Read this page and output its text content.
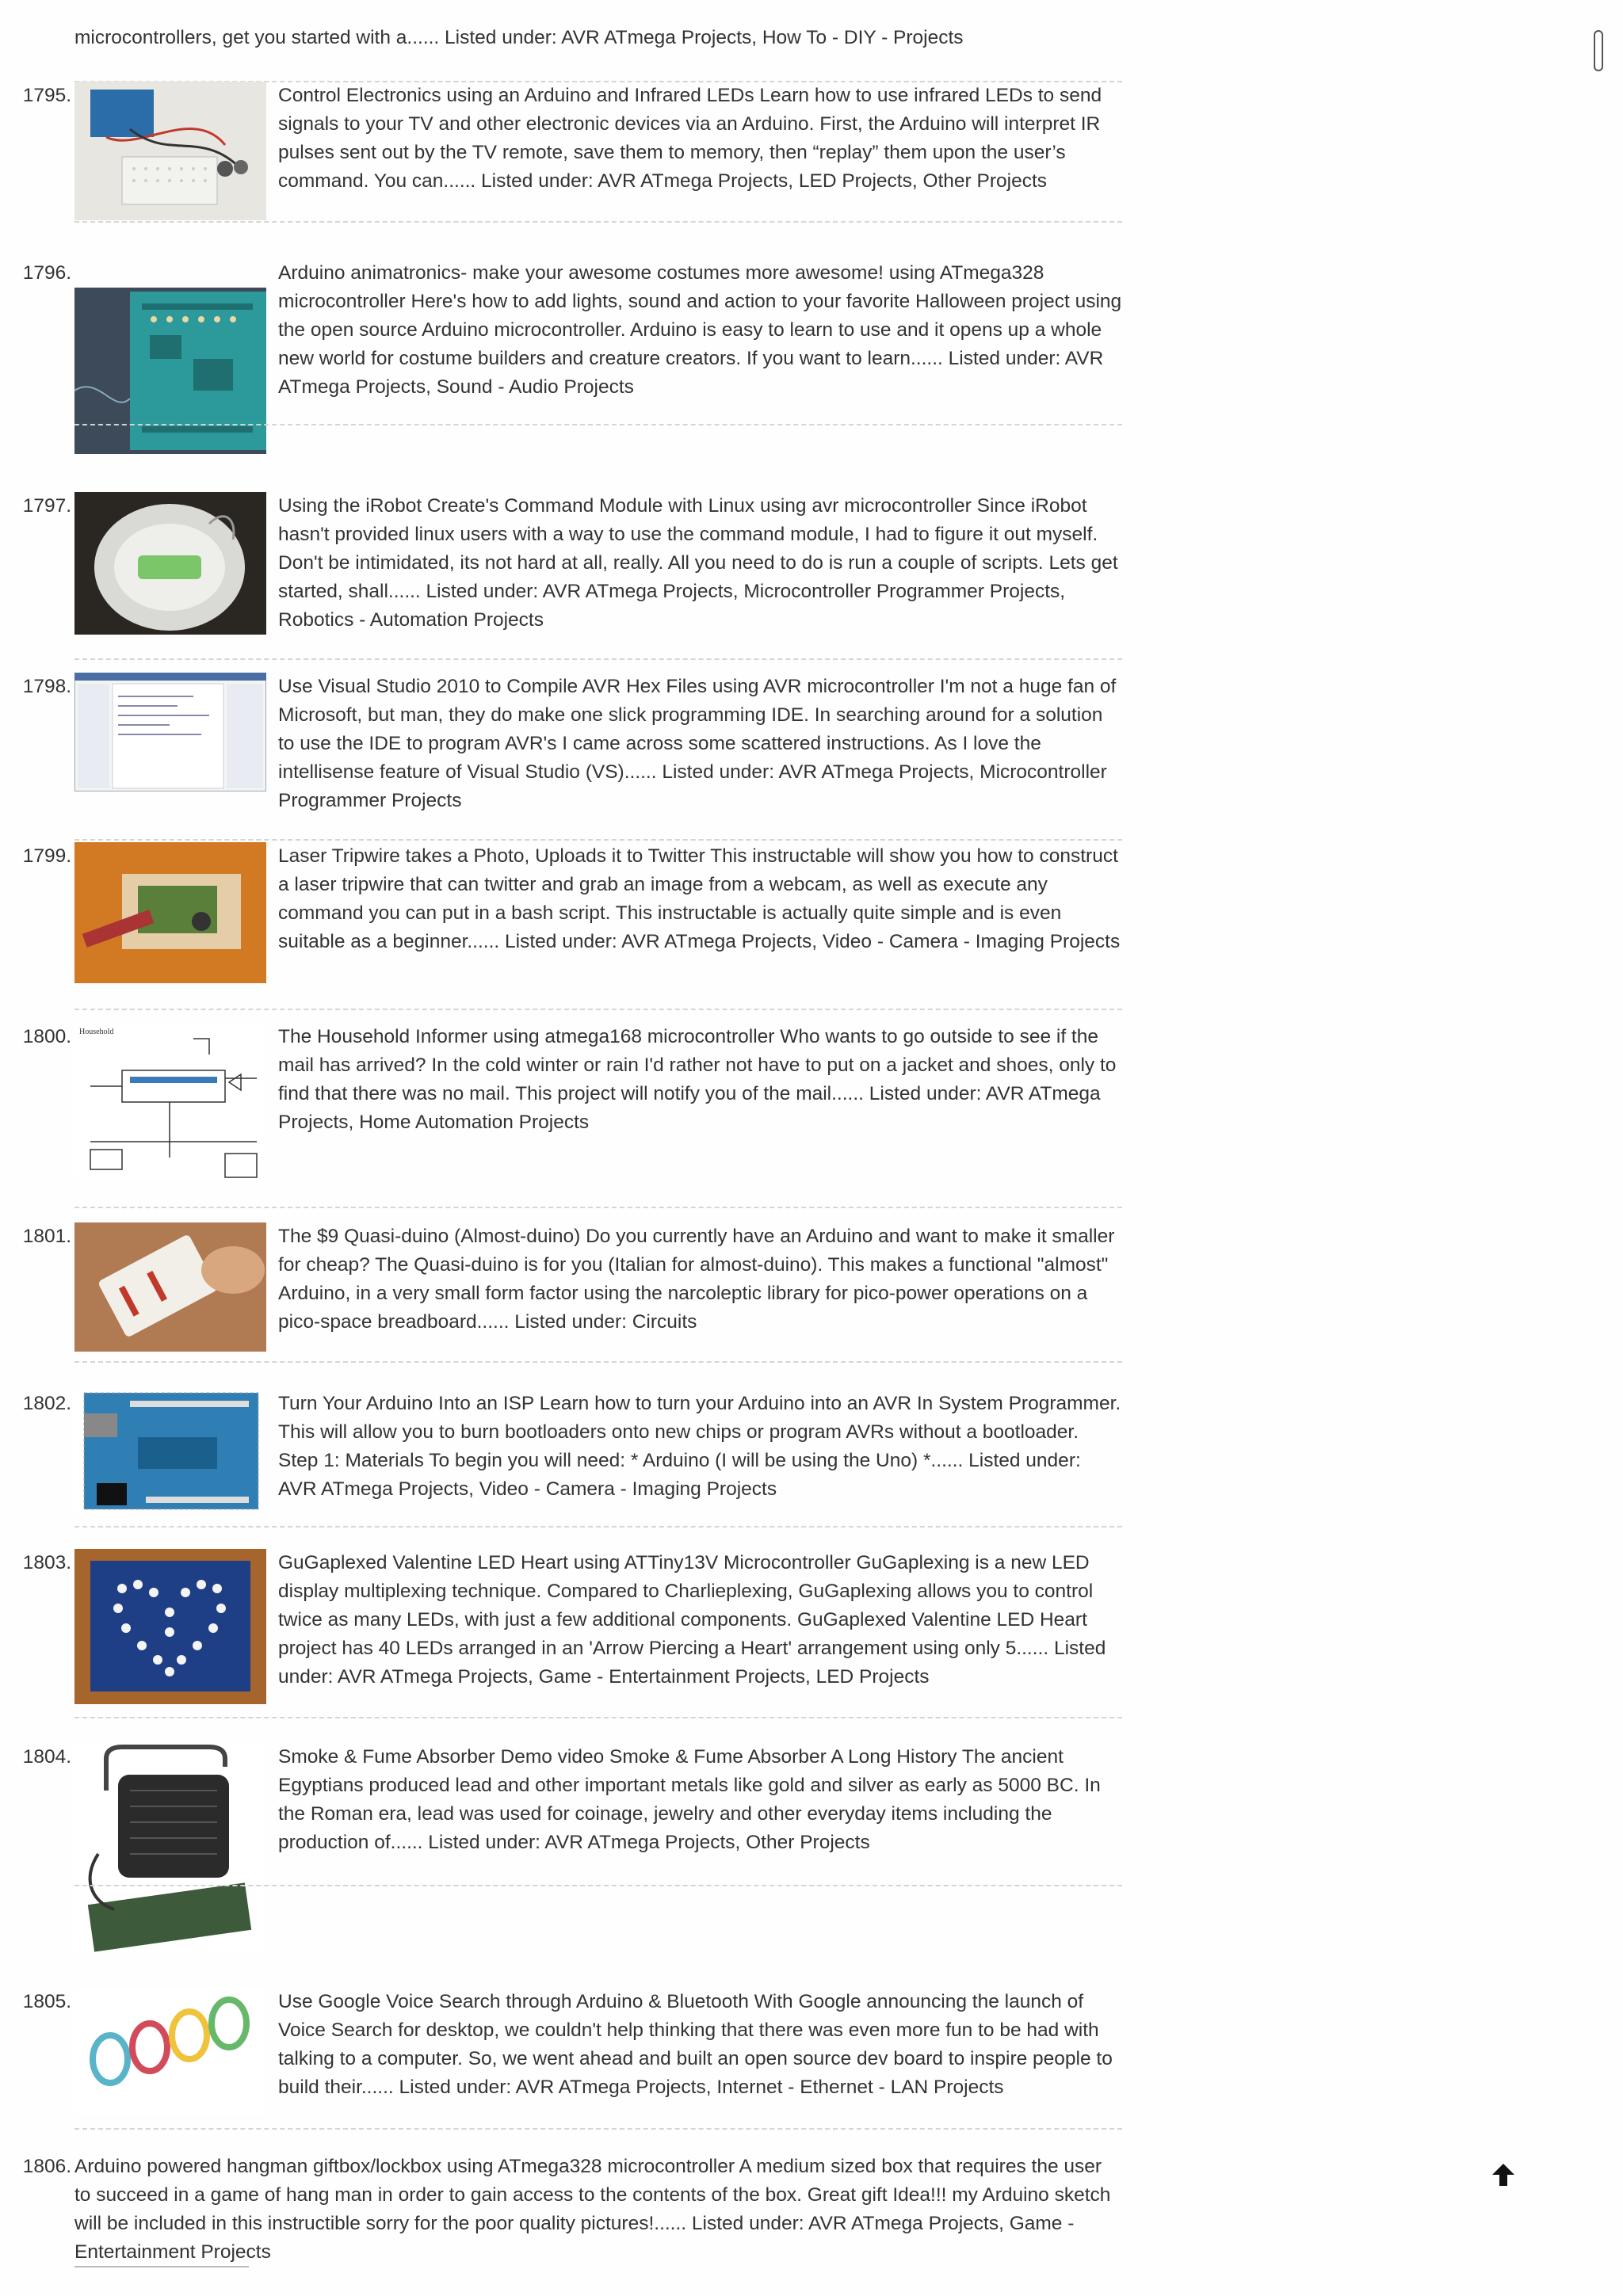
microcontrollers, get you started with a...... Listed under: AVR ATmega Projects, How To - DIY - Projects
1795.	Control Electronics using an Arduino and Infrared LEDs Learn how to use infrared LEDs to send signals to your TV and other electronic devices via an Arduino. First, the Arduino will interpret IR pulses sent out by the TV remote, save them to memory, then “replay” them upon the user’s command. You can...... Listed under: AVR ATmega Projects, LED Projects, Other Projects
1796.	Arduino animatronics- make your awesome costumes more awesome! using ATmega328 microcontroller Here's how to add lights, sound and action to your favorite Halloween project using the open source Arduino microcontroller. Arduino is easy to learn to use and it opens up a whole new world for costume builders and creature creators. If you want to learn...... Listed under: AVR ATmega Projects, Sound - Audio Projects
1797.	Using the iRobot Create's Command Module with Linux using avr microcontroller Since iRobot hasn't provided linux users with a way to use the command module, I had to figure it out myself. Don't be intimidated, its not hard at all, really. All you need to do is run a couple of scripts. Lets get started, shall...... Listed under: AVR ATmega Projects, Microcontroller Programmer Projects, Robotics - Automation Projects
1798.	Use Visual Studio 2010 to Compile AVR Hex Files using AVR microcontroller I'm not a huge fan of Microsoft, but man, they do make one slick programming IDE. In searching around for a solution to use the IDE to program AVR's I came across some scattered instructions. As I love the intellisense feature of Visual Studio (VS)...... Listed under: AVR ATmega Projects, Microcontroller Programmer Projects
1799.	Laser Tripwire takes a Photo, Uploads it to Twitter This instructable will show you how to construct a laser tripwire that can twitter and grab an image from a webcam, as well as execute any command you can put in a bash script. This instructable is actually quite simple and is even suitable as a beginner...... Listed under: AVR ATmega Projects, Video - Camera - Imaging Projects
1800. Household	The Household Informer using atmega168 microcontroller Who wants to go outside to see if the mail has arrived? In the cold winter or rain I'd rather not have to put on a jacket and shoes, only to find that there was no mail. This project will notify you of the mail...... Listed under: AVR ATmega Projects, Home Automation Projects
1801.	The $9 Quasi-duino (Almost-duino) Do you currently have an Arduino and want to make it smaller for cheap? The Quasi-duino is for you (Italian for almost-duino). This makes a functional "almost" Arduino, in a very small form factor using the narcoleptic library for pico-power operations on a pico-space breadboard...... Listed under: Circuits
1802.	Turn Your Arduino Into an ISP Learn how to turn your Arduino into an AVR In System Programmer. This will allow you to burn bootloaders onto new chips or program AVRs without a bootloader. Step 1: Materials To begin you will need: * Arduino (I will be using the Uno) *...... Listed under: AVR ATmega Projects, Video - Camera - Imaging Projects
1803.	GuGaplexed Valentine LED Heart using ATTiny13V Microcontroller GuGaplexing is a new LED display multiplexing technique. Compared to Charlieplexing, GuGaplexing allows you to control twice as many LEDs, with just a few additional components. GuGaplexed Valentine LED Heart project has 40 LEDs arranged in an 'Arrow Piercing a Heart' arrangement using only 5...... Listed under: AVR ATmega Projects, Game - Entertainment Projects, LED Projects
1804.	Smoke & Fume Absorber Demo video Smoke & Fume Absorber A Long History The ancient Egyptians produced lead and other important metals like gold and silver as early as 5000 BC. In the Roman era, lead was used for coinage, jewelry and other everyday items including the production of...... Listed under: AVR ATmega Projects, Other Projects
1805.	Use Google Voice Search through Arduino & Bluetooth With Google announcing the launch of Voice Search for desktop, we couldn't help thinking that there was even more fun to be had with talking to a computer. So, we went ahead and built an open source dev board to inspire people to build their...... Listed under: AVR ATmega Projects, Internet - Ethernet - LAN Projects
1806. Arduino powered hangman giftbox/lockbox using ATmega328 microcontroller A medium sized box that requires the user to succeed in a game of hang man in order to gain access to the contents of the box. Great gift Idea!!! my Arduino sketch will be included in this instructible sorry for the poor quality pictures!...... Listed under: AVR ATmega Projects, Game - Entertainment Projects
